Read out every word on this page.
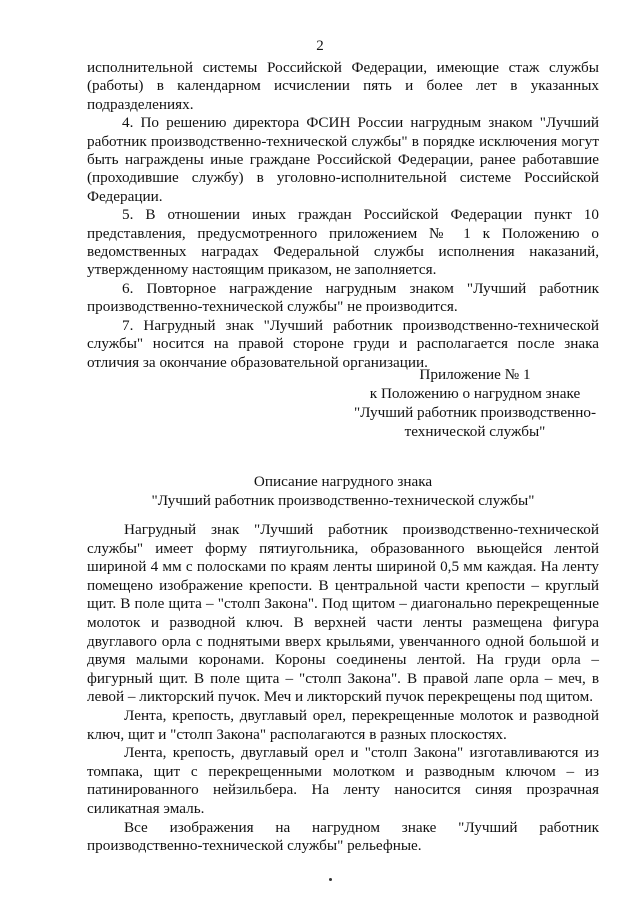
2

исполнительной системы Российской Федерации, имеющие стаж службы (работы) в календарном исчислении пять и более лет в указанных подразделениях.

4. По решению директора ФСИН России нагрудным знаком "Лучший работник производственно-технической службы" в порядке исключения могут быть награждены иные граждане Российской Федерации, ранее работавшие (проходившие службу) в уголовно-исполнительной системе Российской Федерации.

5. В отношении иных граждан Российской Федерации пункт 10 представления, предусмотренного приложением № 1 к Положению о ведомственных наградах Федеральной службы исполнения наказаний, утвержденному настоящим приказом, не заполняется.

6. Повторное награждение нагрудным знаком "Лучший работник производственно-технической службы" не производится.

7. Нагрудный знак "Лучший работник производственно-технической службы" носится на правой стороне груди и располагается после знака отличия за окончание образовательной организации.

Приложение № 1
к Положению о нагрудном знаке
"Лучший работник производственно-
технической службы"
Описание нагрудного знака
"Лучший работник производственно-технической службы"

Нагрудный знак "Лучший работник производственно-технической службы" имеет форму пятиугольника, образованного вьющейся лентой шириной 4 мм с полосками по краям ленты шириной 0,5 мм каждая. На ленту помещено изображение крепости. В центральной части крепости – круглый щит. В поле щита – "столп Закона". Под щитом – диагонально перекрещенные молоток и разводной ключ. В верхней части ленты размещена фигура двуглавого орла с поднятыми вверх крыльями, увенчанного одной большой и двумя малыми коронами. Короны соединены лентой. На груди орла – фигурный щит. В поле щита – "столп Закона". В правой лапе орла – меч, в левой – ликторский пучок. Меч и ликторский пучок перекрещены под щитом.

Лента, крепость, двуглавый орел, перекрещенные молоток и разводной ключ, щит и "столп Закона" располагаются в разных плоскостях.

Лента, крепость, двуглавый орел и "столп Закона" изготавливаются из томпака, щит с перекрещенными молотком и разводным ключом – из патинированного нейзильбера. На ленту наносится синяя прозрачная силикатная эмаль.

Все изображения на нагрудном знаке "Лучший работник производственно-технической службы" рельефные.
